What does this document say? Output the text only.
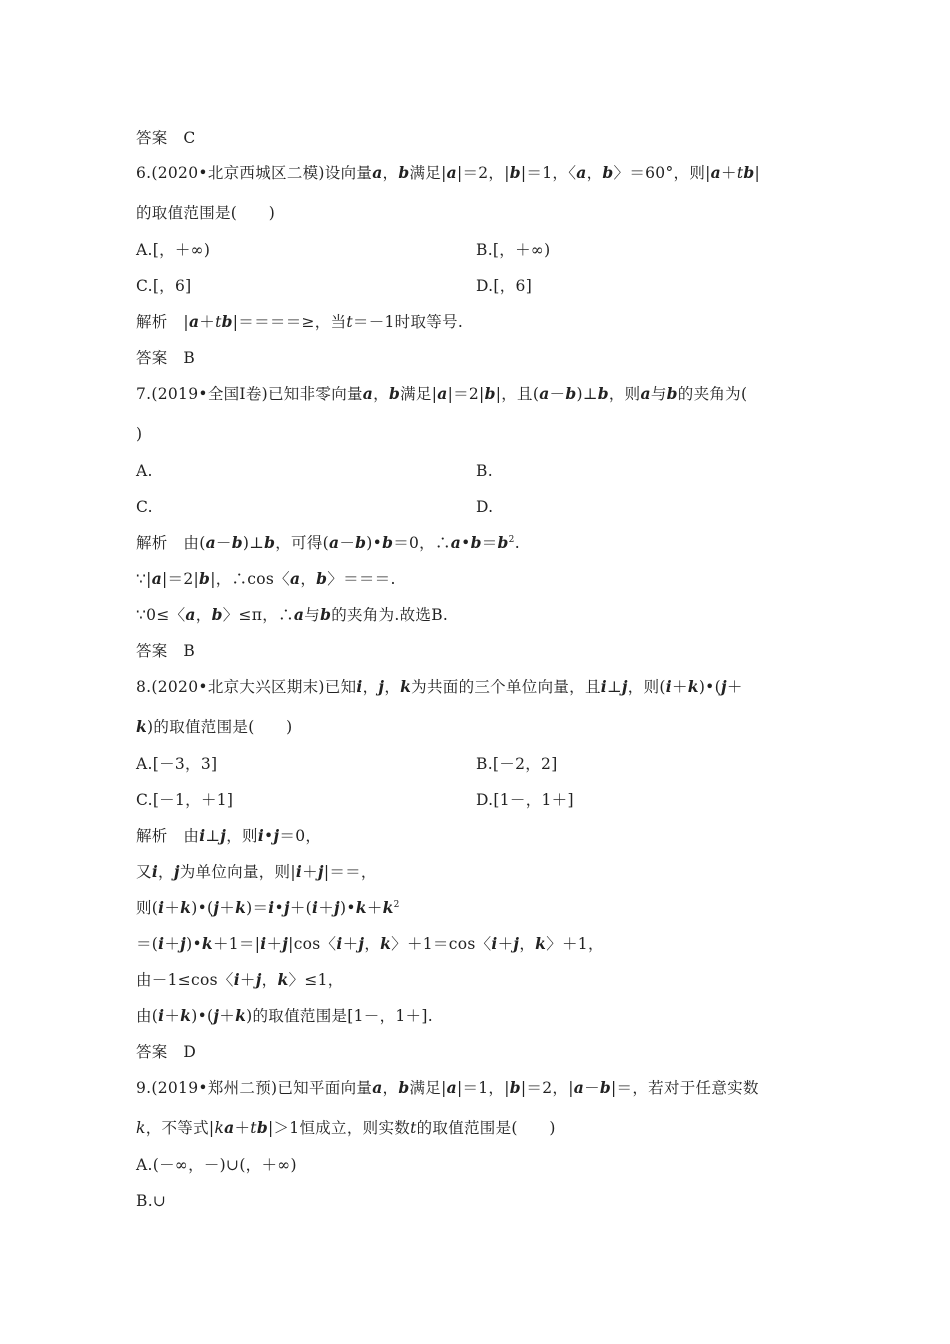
答案　C
6.(2020•北京西城区二模)设向量a，b满足|a|＝2，|b|＝1，〈a，b〉＝60°，则|a＋tb|
的取值范围是(　　)
A.[，＋∞)	B.[，＋∞)
C.[，6]	D.[，6]
解析　|a＋tb|＝＝＝＝≥，当t＝－1时取等号.
答案　B
7.(2019•全国Ⅰ卷)已知非零向量a，b满足|a|＝2|b|，且(a－b)⊥b，则a与b的夹角为(
)
A.	B.
C.	D.
解析　由(a－b)⊥b，可得(a－b)•b＝0，$\therefore a•b=b^2$.
∵|a|＝2|b|，∴cos〈a，b〉＝＝＝.
∵0≤〈a，b〉≤π，∴a与b的夹角为.故选B.
答案　B
8.(2020•北京大兴区期末)已知i，j，k为共面的三个单位向量，且i⊥j，则(i＋k)•(j＋
k)的取值范围是(　　)
A.[－3，3]	B.[－2，2]
C.[－1，＋1]	D.[1－，1＋]
解析　由i⊥j，则i•j＝0，
又i，j为单位向量，则|i＋j|＝＝，
则$(i+k)•(j+k)=i•j+(i+j)•k+k^2$
＝(i＋j)•k＋1＝|i＋j|cos〈i＋j，k〉＋1＝cos〈i＋j，k〉＋1，
由－1≤cos〈i＋j，k〉≤1，
由(i＋k)•(j＋k)的取值范围是[1－，1＋].
答案　D
9.(2019•郑州二预)已知平面向量a，b满足|a|＝1，|b|＝2，|a－b|＝，若对于任意实数
k，不等式|ka＋tb|＞1恒成立，则实数t的取值范围是(　　)
A.(－∞，－)∪(，＋∞)
B.∪
